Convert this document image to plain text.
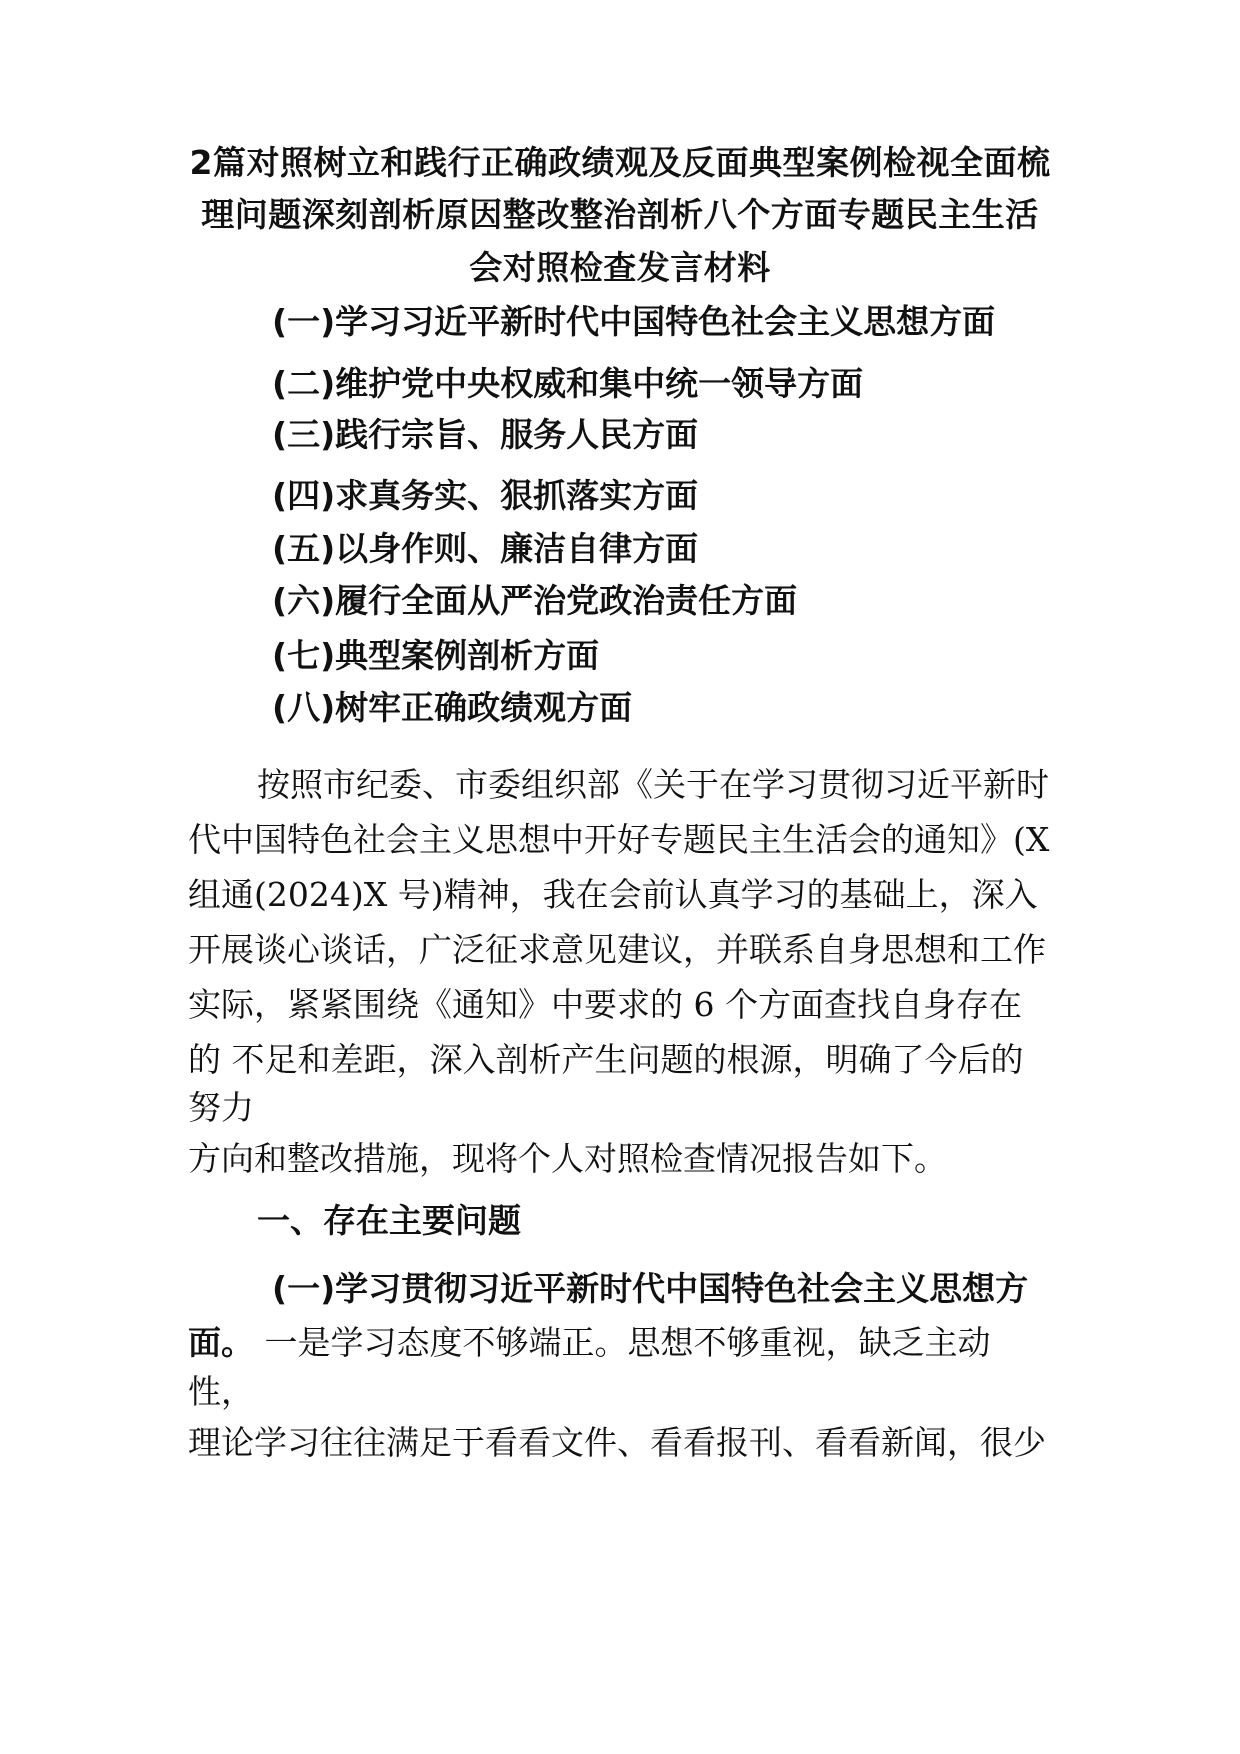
2篇对照树立和践行正确政绩观及反面典型案例检视全面梳
理问题深刻剖析原因整改整治剖析八个方面专题民主生活
会对照检查发言材料
(一)学习习近平新时代中国特色社会主义思想方面
(二)维护党中央权威和集中统一领导方面
(三)践行宗旨、服务人民方面
(四)求真务实、狠抓落实方面
(五)以身作则、廉洁自律方面
(六)履行全面从严治党政治责任方面
(七)典型案例剖析方面
(八)树牢正确政绩观方面
按照市纪委、市委组织部《关于在学习贯彻习近平新时
代中国特色社会主义思想中开好专题民主生活会的通知》(X
组通(2024)X 号)精神，我在会前认真学习的基础上，深入
开展谈心谈话，广泛征求意见建议，并联系自身思想和工作
实际，紧紧围绕《通知》中要求的 6 个方面查找自身存在
的 不足和差距，深入剖析产生问题的根源，明确了今后的
努力
方向和整改措施，现将个人对照检查情况报告如下。
一、存在主要问题
(一)学习贯彻习近平新时代中国特色社会主义思想方
面。 一是学习态度不够端正。思想不够重视，缺乏主动
性，
理论学习往往满足于看看文件、看看报刊、看看新闻，很少
